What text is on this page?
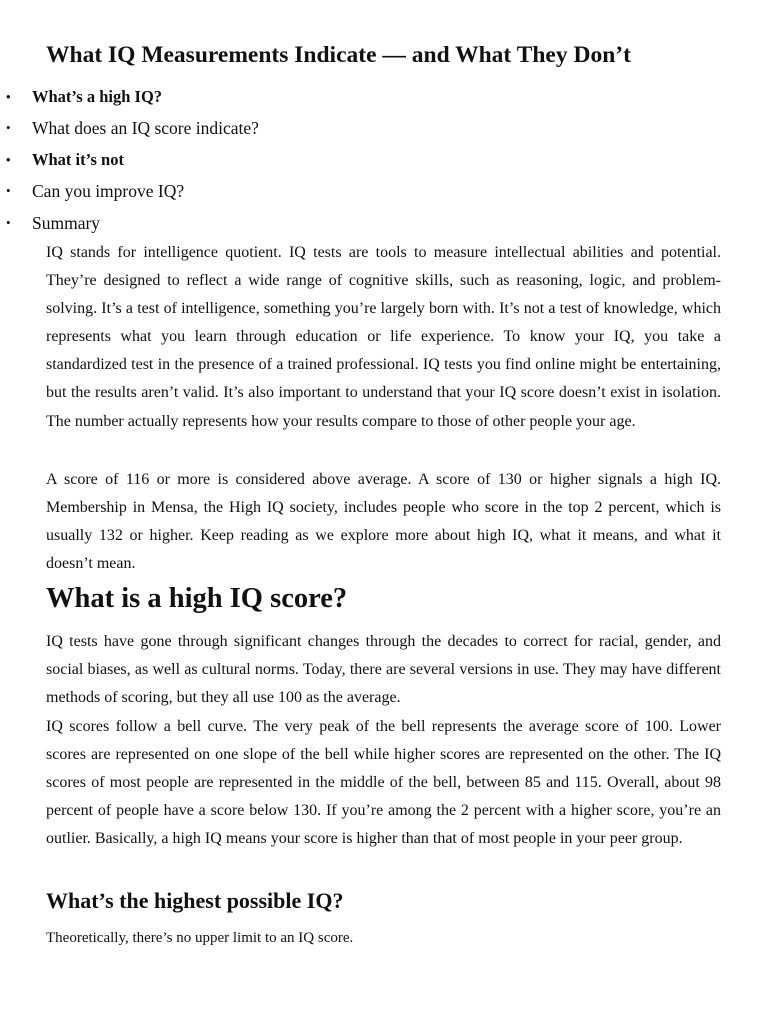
What IQ Measurements Indicate — and What They Don’t
• What’s a high IQ?
• What does an IQ score indicate?
• What it’s not
• Can you improve IQ?
• Summary

IQ stands for intelligence quotient. IQ tests are tools to measure intellectual abilities and potential. They’re designed to reflect a wide range of cognitive skills, such as reasoning, logic, and problem-solving. It’s a test of intelligence, something you’re largely born with. It’s not a test of knowledge, which represents what you learn through education or life experience. To know your IQ, you take a standardized test in the presence of a trained professional. IQ tests you find online might be entertaining, but the results aren’t valid. It’s also important to understand that your IQ score doesn’t exist in isolation. The number actually represents how your results compare to those of other people your age.

A score of 116 or more is considered above average. A score of 130 or higher signals a high IQ. Membership in Mensa, the High IQ society, includes people who score in the top 2 percent, which is usually 132 or higher. Keep reading as we explore more about high IQ, what it means, and what it doesn’t mean.

What is a high IQ score?

IQ tests have gone through significant changes through the decades to correct for racial, gender, and social biases, as well as cultural norms. Today, there are several versions in use. They may have different methods of scoring, but they all use 100 as the average.

IQ scores follow a bell curve. The very peak of the bell represents the average score of 100. Lower scores are represented on one slope of the bell while higher scores are represented on the other. The IQ scores of most people are represented in the middle of the bell, between 85 and 115. Overall, about 98 percent of people have a score below 130. If you’re among the 2 percent with a higher score, you’re an outlier. Basically, a high IQ means your score is higher than that of most people in your peer group.

What’s the highest possible IQ?

Theoretically, there’s no upper limit to an IQ score.
